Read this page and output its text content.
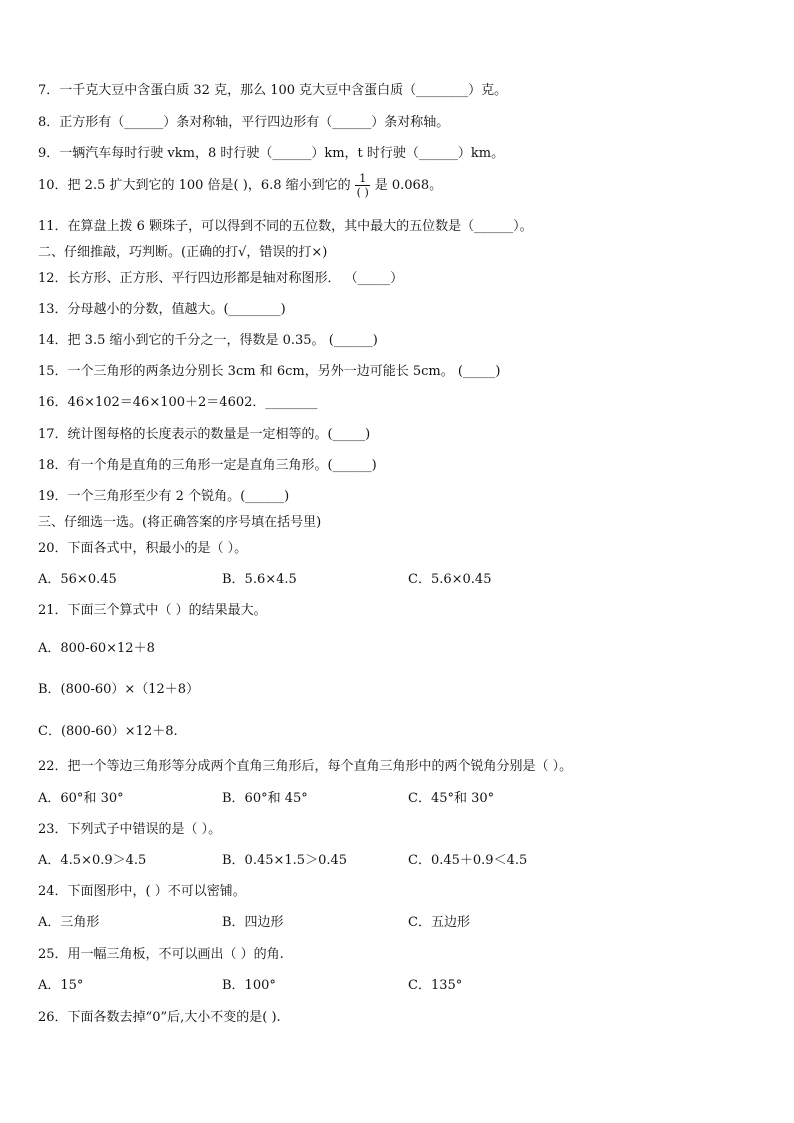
7．一千克大豆中含蛋白质 32 克，那么 100 克大豆中含蛋白质（________）克。
8．正方形有（______）条对称轴，平行四边形有（______）条对称轴。
9．一辆汽车每时行驶 vkm，8 时行驶（______）km，t 时行驶（______）km。
10．把 2.5 扩大到它的 100 倍是( )，6.8 缩小到它的 $\frac{1}{( )}$ 是 0.068。
11．在算盘上拨 6 颗珠子，可以得到不同的五位数，其中最大的五位数是（______）。
二、仔细推敲，巧判断。(正确的打√，错误的打×)
12．长方形、正方形、平行四边形都是轴对称图形． （_____）
13．分母越小的分数，值越大。(________)
14．把 3.5 缩小到它的千分之一，得数是 0.35。 (______)
15．一个三角形的两条边分别长 3cm 和 6cm，另外一边可能长 5cm。 (_____)
16．46×102＝46×100＋2＝4602．________
17．统计图每格的长度表示的数量是一定相等的。(_____)
18．有一个角是直角的三角形一定是直角三角形。(______)
19．一个三角形至少有 2 个锐角。(______)
三、仔细选一选。(将正确答案的序号填在括号里)
20．下面各式中，积最小的是（ ）。
A．56×0.45	B．5.6×4.5	C．5.6×0.45
21．下面三个算式中（ ）的结果最大。
A．800-60×12＋8
B．(800-60）×（12＋8）
C．(800-60）×12＋8.
22．把一个等边三角形等分成两个直角三角形后，每个直角三角形中的两个锐角分别是（ ）。
A．60°和 30°	B．60°和 45°	C．45°和 30°
23．下列式子中错误的是（ ）。
A．4.5×0.9＞4.5	B．0.45×1.5＞0.45	C．0.45＋0.9＜4.5
24．下面图形中，( ）不可以密铺。
A．三角形	B．四边形	C．五边形
25．用一幅三角板，不可以画出（ ）的角.
A．15°	B．100°	C．135°
26．下面各数去掉“0”后,大小不变的是( ).
